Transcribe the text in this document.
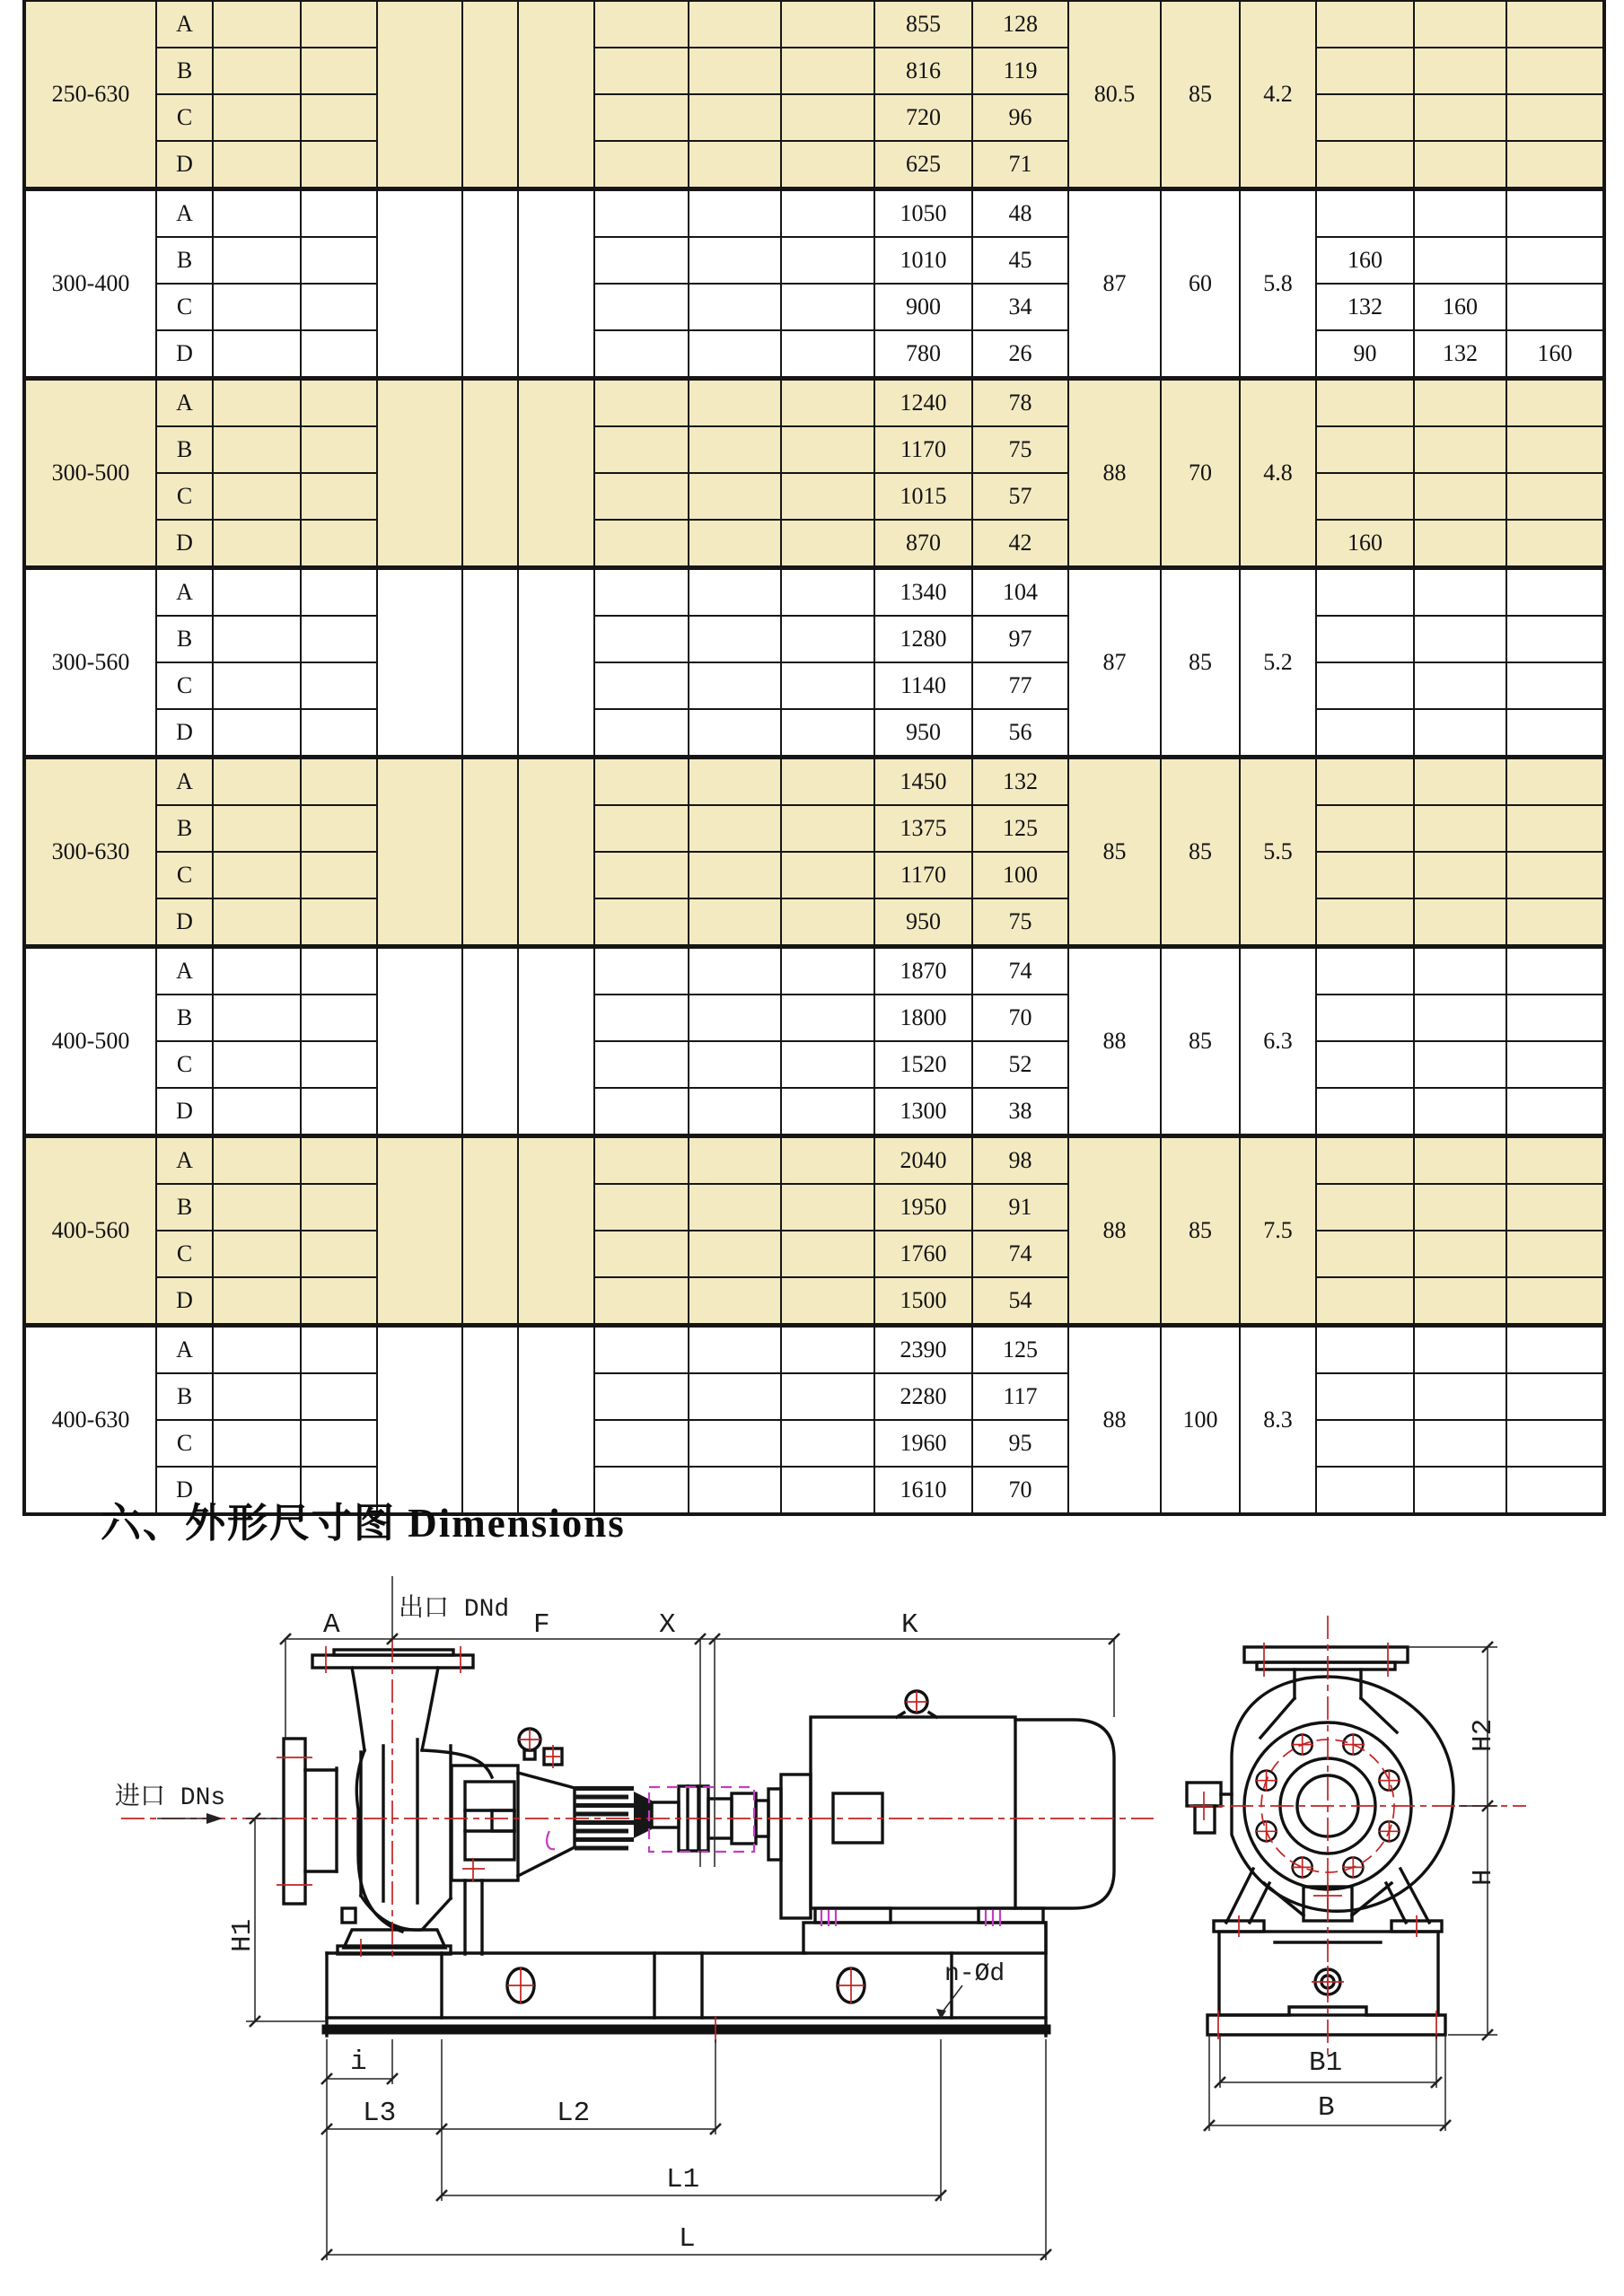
250-630	A									855	128	80.5	85	4.2			
	B									816	119						
	C									720	96						
	D									625	71						
300-400	A									1050	48	87	60	5.8			
	B									1010	45				160		
	C									900	34				132	160	
	D									780	26				90	132	160
300-500	A									1240	78	88	70	4.8			
	B									1170	75						
	C									1015	57						
	D									870	42				160		
300-560	A									1340	104	87	85	5.2			
	B									1280	97						
	C									1140	77						
	D									950	56						
300-630	A									1450	132	85	85	5.5			
	B									1375	125						
	C									1170	100						
	D									950	75						
400-500	A									1870	74	88	85	6.3			
	B									1800	70						
	C									1520	52						
	D									1300	38						
400-560	A									2040	98	88	85	7.5			
	B									1950	91						
	C									1760	74						
	D									1500	54						
400-630	A									2390	125	88	100	8.3			
	B									2280	117						
	C									1960	95						
	D									1610	70						
六、外形尺寸图 Dimensions
A 出口 DNd F	X	K
进口 DNs
H1
i
L3	L2
L1
L
n-Ød
H2
H
B1
B
